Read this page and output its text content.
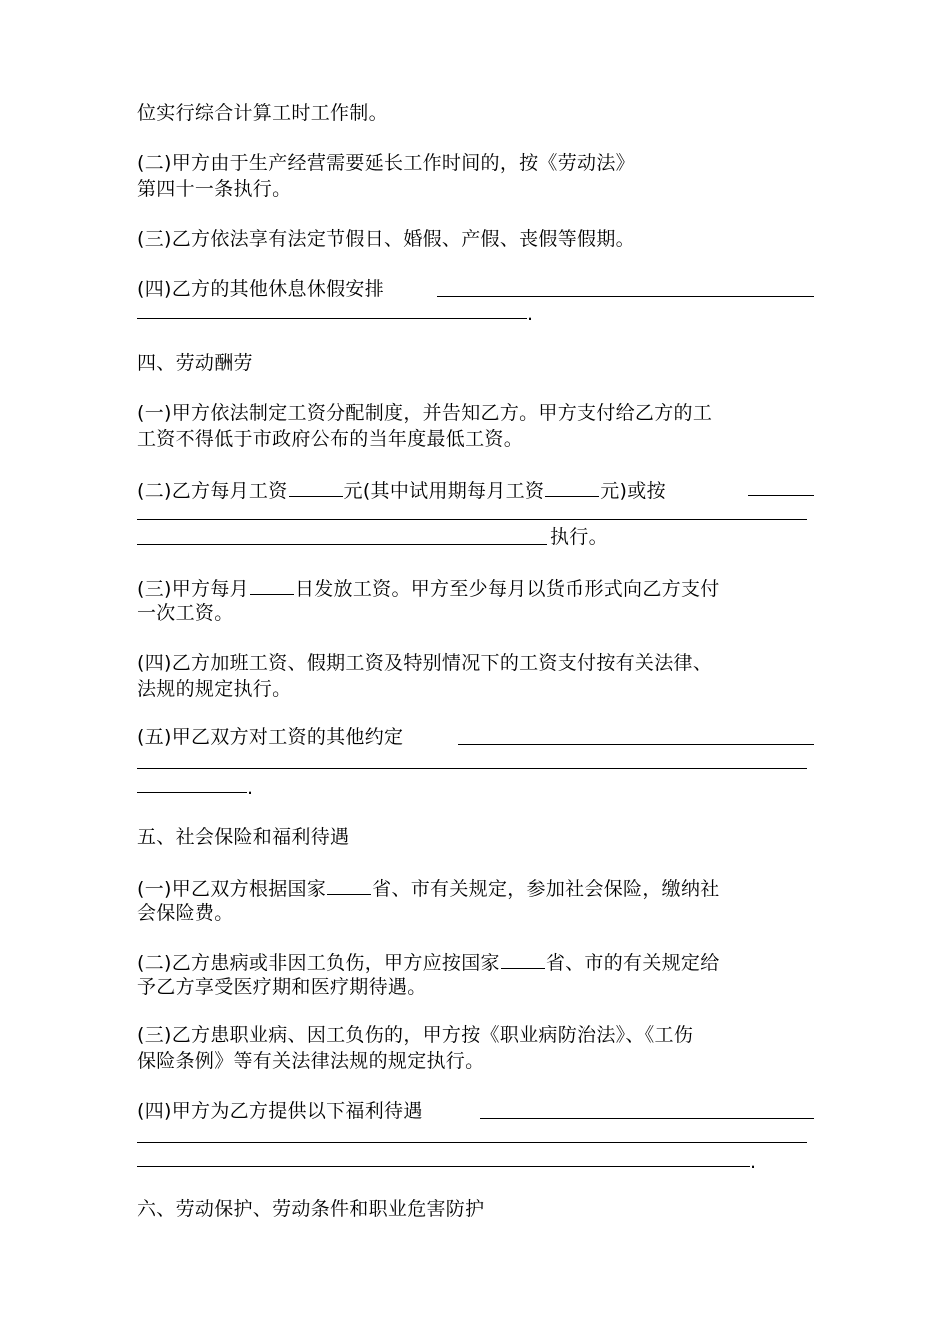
位实行综合计算工时工作制。
(二)甲方由于生产经营需要延长工作时间的，按《劳动法》
第四十一条执行。
(三)乙方依法享有法定节假日、婚假、产假、丧假等假期。
(四)乙方的其他休息休假安排
.
四、劳动酬劳
(一)甲方依法制定工资分配制度，并告知乙方。甲方支付给乙方的工
工资不得低于市政府公布的当年度最低工资。
(二)乙方每月工资	元(其中试用期每月工资	元)或按
执行。
(三)甲方每月 日发放工资。甲方至少每月以货币形式向乙方支付
一次工资。
(四)乙方加班工资、假期工资及特别情况下的工资支付按有关法律、
法规的规定执行。
(五)甲乙双方对工资的其他约定
.
五、社会保险和福利待遇
(一)甲乙双方根据国家 省、市有关规定，参加社会保险，缴纳社
会保险费。
(二)乙方患病或非因工负伤，甲方应按国家 省、市的有关规定给
予乙方享受医疗期和医疗期待遇。
(三)乙方患职业病、因工负伤的，甲方按《职业病防治法》、《工伤
保险条例》等有关法律法规的规定执行。
(四)甲方为乙方提供以下福利待遇
.
六、劳动保护、劳动条件和职业危害防护
